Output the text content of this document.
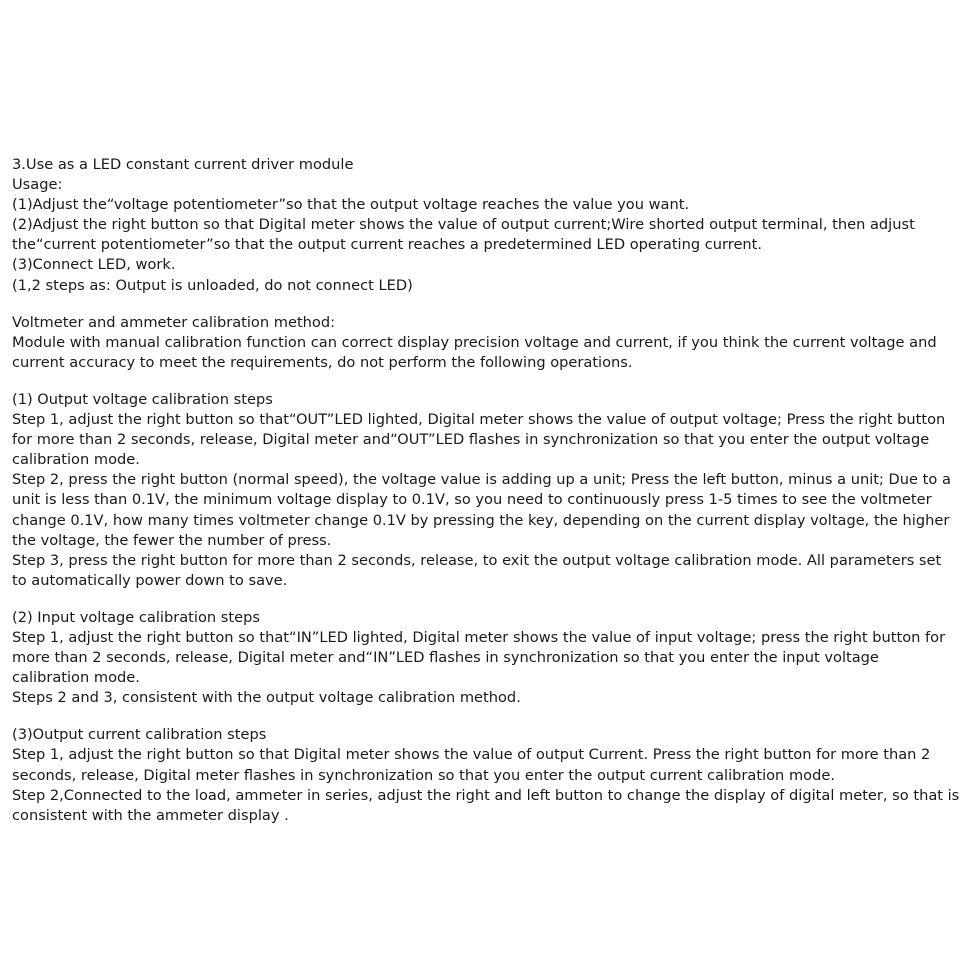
3.Use as a LED constant current driver module

Usage:

(1)Adjust the“voltage potentiometer”so that the output voltage reaches the value you want.

(2)Adjust the right button so that Digital meter shows the value of output current;Wire shorted output terminal, then adjust the“current potentiometer”so that the output current reaches a predetermined LED operating current.

(3)Connect LED, work.

(1,2 steps as: Output is unloaded, do not connect LED)

Voltmeter and ammeter calibration method:

Module with manual calibration function can correct display precision voltage and current, if you think the current voltage and current accuracy to meet the requirements, do not perform the following operations.

(1) Output voltage calibration steps

Step 1, adjust the right button so that“OUT”LED lighted, Digital meter shows the value of output voltage; Press the right button for more than 2 seconds, release, Digital meter and“OUT”LED flashes in synchronization so that you enter the output voltage calibration mode.

Step 2, press the right button (normal speed), the voltage value is adding up a unit; Press the left button, minus a unit; Due to a unit is less than 0.1V, the minimum voltage display to 0.1V, so you need to continuously press 1-5 times to see the voltmeter change 0.1V, how many times voltmeter change 0.1V by pressing the key, depending on the current display voltage, the higher the voltage, the fewer the number of press.

Step 3, press the right button for more than 2 seconds, release, to exit the output voltage calibration mode. All parameters set to automatically power down to save.

(2) Input voltage calibration steps

Step 1, adjust the right button so that“IN”LED lighted, Digital meter shows the value of input voltage; press the right button for more than 2 seconds, release, Digital meter and“IN”LED flashes in synchronization so that you enter the input voltage calibration mode.

Steps 2 and 3, consistent with the output voltage calibration method.

(3)Output current calibration steps

Step 1, adjust the right button so that Digital meter shows the value of output Current. Press the right button for more than 2 seconds, release, Digital meter flashes in synchronization so that you enter the output current calibration mode.

Step 2,Connected to the load, ammeter in series, adjust the right and left button to change the display of digital meter, so that is consistent with the ammeter display .
